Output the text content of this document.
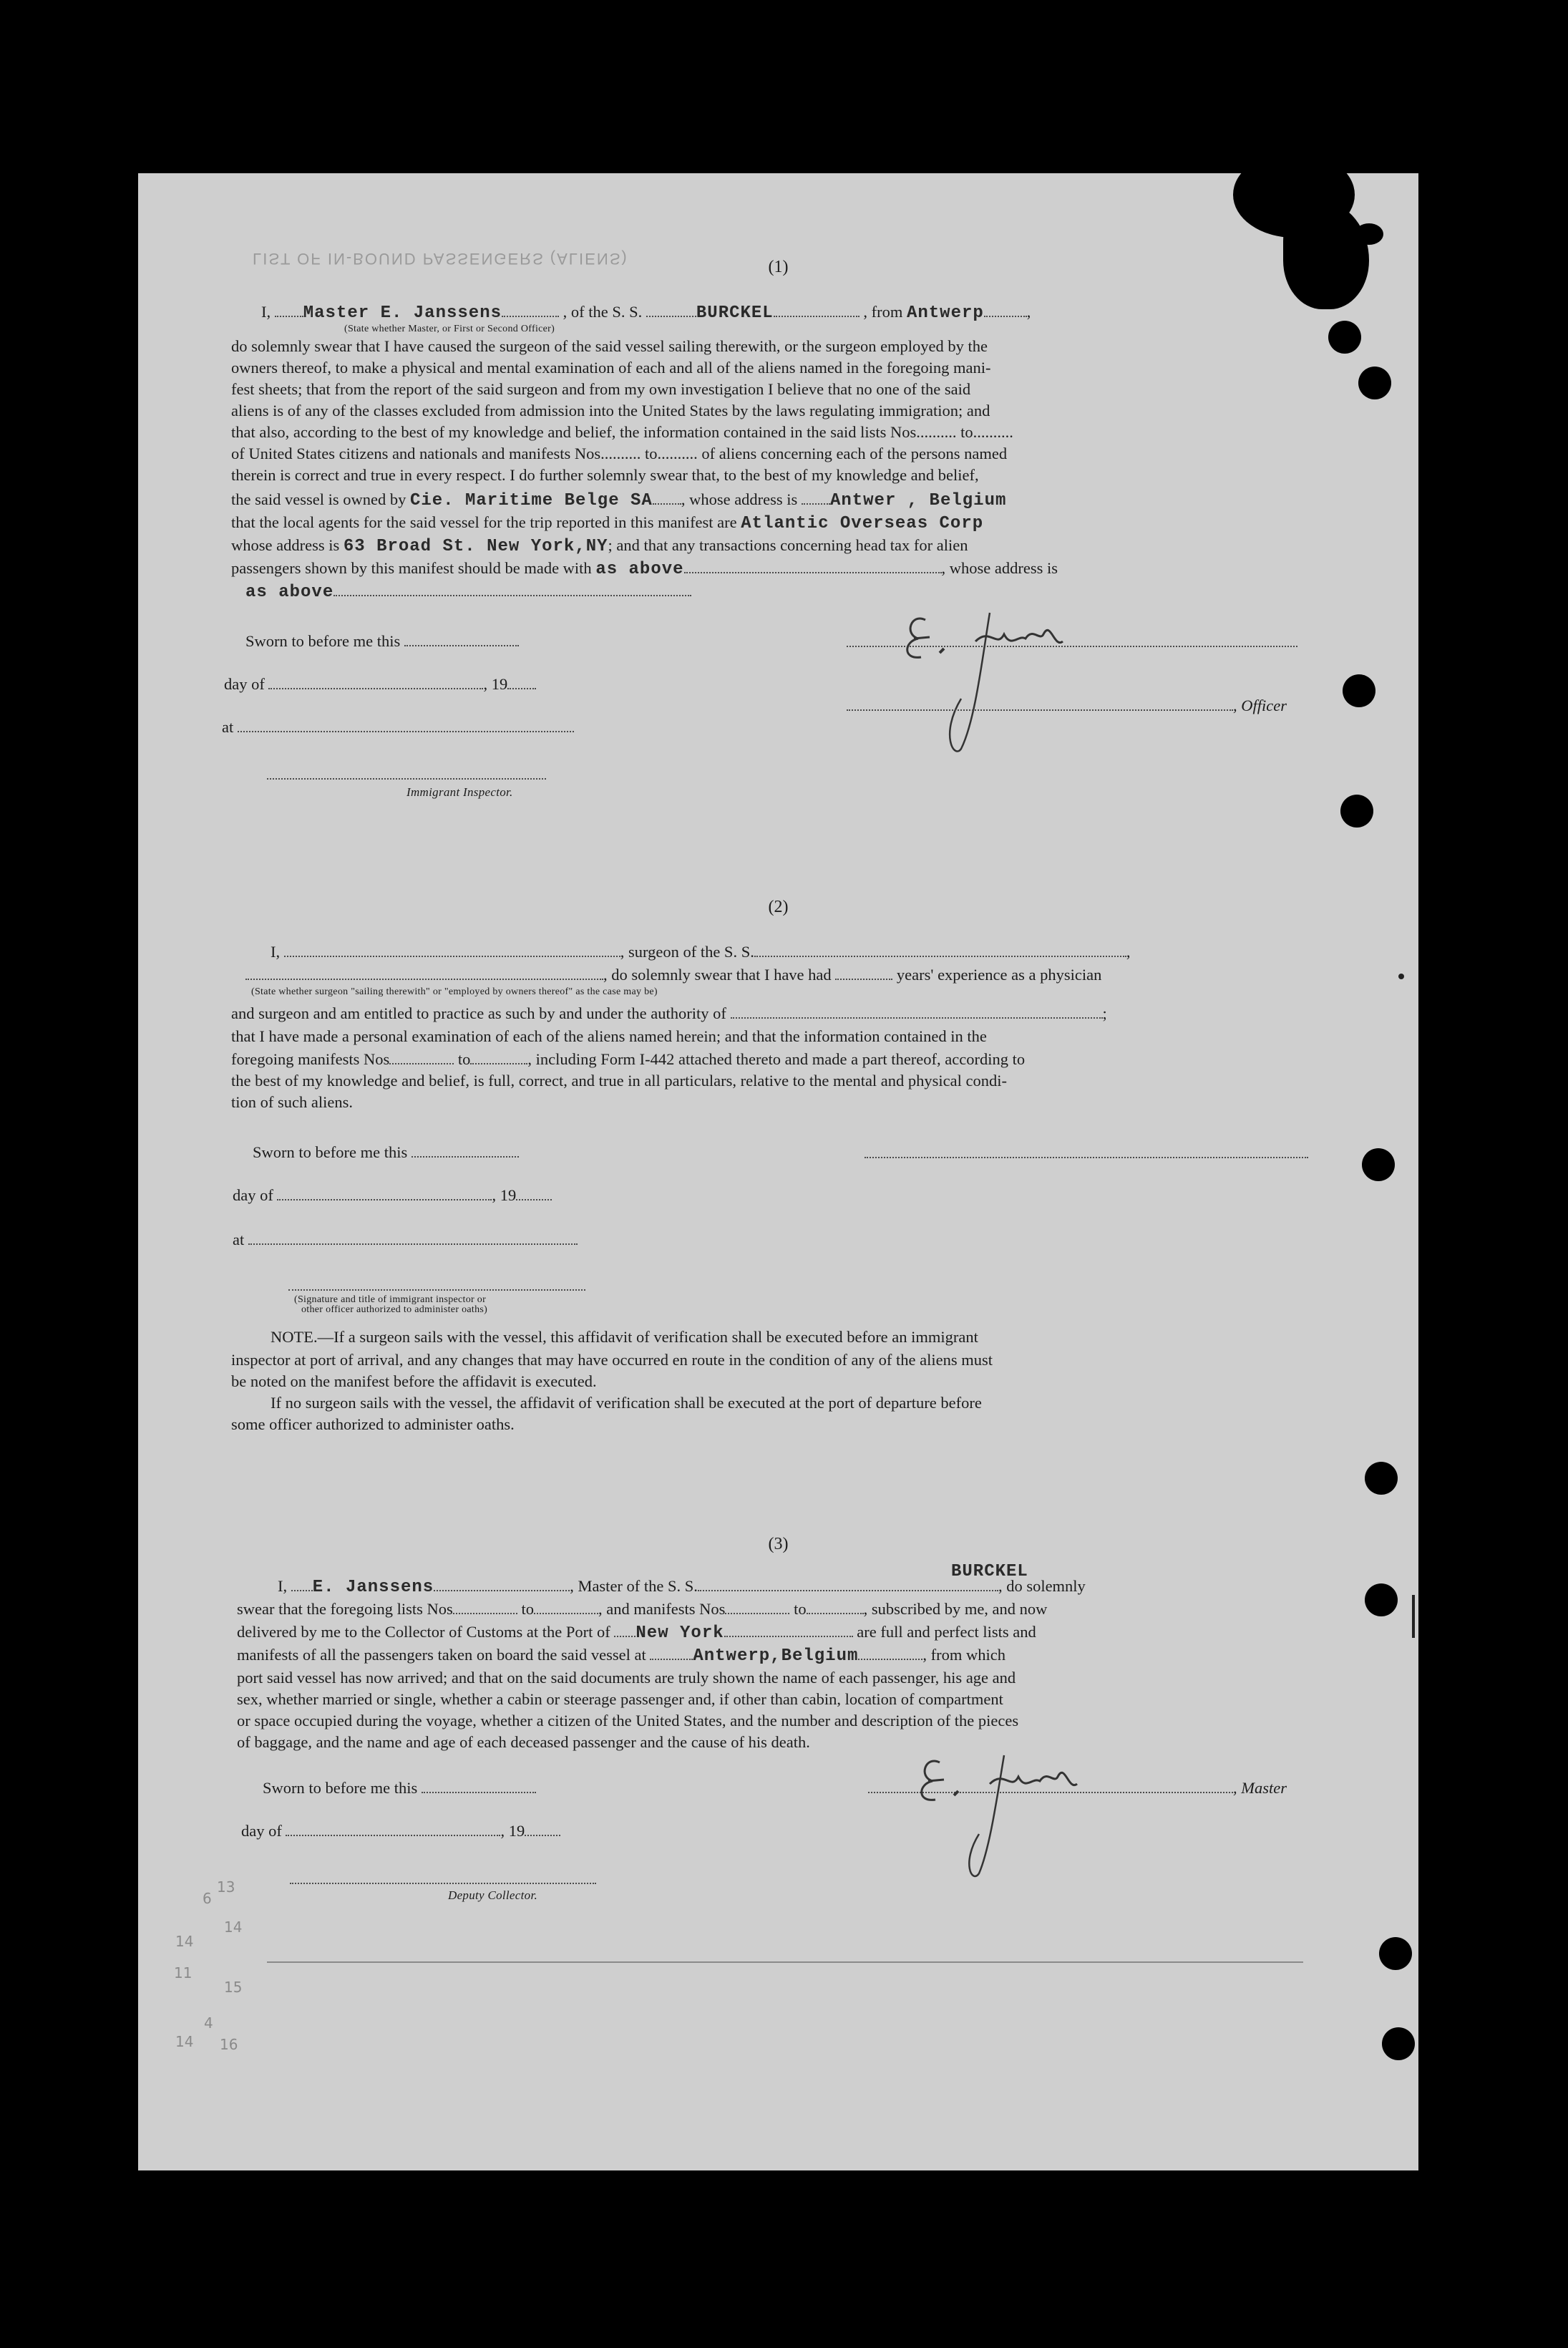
LIST OF IN-BOUND PASSENGERS (ALIENS)	(1)
I, Master E. Janssens	, of the S. S.	BURCKEL	, from Antwerp	,
(State whether Master, or First or Second Officer)
do solemnly swear that I have caused the surgeon of the said vessel sailing therewith, or the surgeon employed by the
owners thereof, to make a physical and mental examination of each and all of the aliens named in the foregoing mani-
fest sheets; that from the report of the said surgeon and from my own investigation I believe that no one of the said
aliens is of any of the classes excluded from admission into the United States by the laws regulating immigration; and
that also, according to the best of my knowledge and belief, the information contained in the said lists Nos.......... to..........
of United States citizens and nationals and manifests Nos.......... to.......... of aliens concerning each of the persons named
therein is correct and true in every respect. I do further solemnly swear that, to the best of my knowledge and belief,
the said vessel is owned by Cie. Maritime Belge SA , whose address is Antwer , Belgium
that the local agents for the said vessel for the trip reported in this manifest are Atlantic Overseas Corp
whose address is 63 Broad St. New York,NY; and that any transactions concerning head tax for alien
passengers shown by this manifest should be made with as above	, whose address is
as above
Sworn to before me this
day of	, 19
, Officer
at
Immigrant Inspector.
(2)
I,	, surgeon of the S. S.	,
, do solemnly swear that I have had	years' experience as a physician
(State whether surgeon "sailing therewith" or "employed by owners thereof" as the case may be)
and surgeon and am entitled to practice as such by and under the authority of	;
that I have made a personal examination of each of the aliens named herein; and that the information contained in the
foregoing manifests Nos	to	, including Form I-442 attached thereto and made a part thereof, according to
the best of my knowledge and belief, is full, correct, and true in all particulars, relative to the mental and physical condi-
tion of such aliens.
Sworn to before me this
day of	, 19
at
(Signature and title of immigrant inspector or
other officer authorized to administer oaths)
NOTE.—If a surgeon sails with the vessel, this affidavit of verification shall be executed before an immigrant
inspector at port of arrival, and any changes that may have occurred en route in the condition of any of the aliens must
be noted on the manifest before the affidavit is executed.
If no surgeon sails with the vessel, the affidavit of verification shall be executed at the port of departure before
some officer authorized to administer oaths.
(3)
I, E. Janssens	, Master of the S. S.	, do solemnly
BURCKEL
swear that the foregoing lists Nos	to	, and manifests Nos	to	, subscribed by me, and now
delivered by me to the Collector of Customs at the Port of New York	are full and perfect lists and
manifests of all the passengers taken on board the said vessel at	Antwerp,Belgium	, from which
port said vessel has now arrived; and that on the said documents are truly shown the name of each passenger, his age and
sex, whether married or single, whether a cabin or steerage passenger and, if other than cabin, location of compartment
or space occupied during the voyage, whether a citizen of the United States, and the number and description of the pieces
of baggage, and the name and age of each deceased passenger and the cause of his death.
Sworn to before me this	, Master
day of	, 19
Deputy Collector.
6
13
14
14
11
4
15
14 16
